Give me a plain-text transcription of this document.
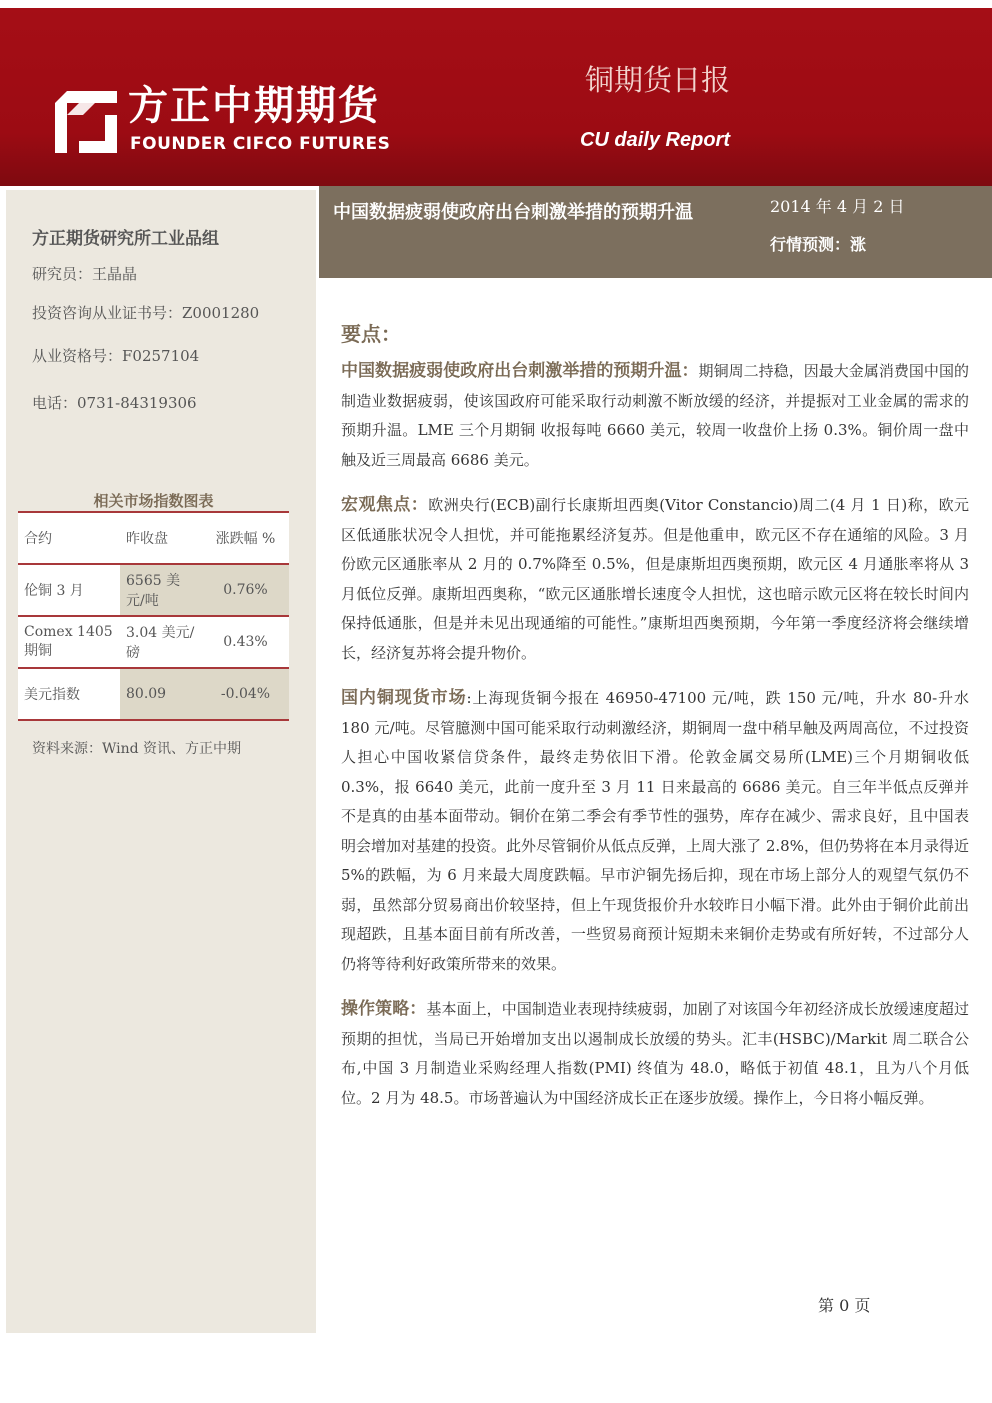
方正中期期货
FOUNDER CIFCO FUTURES
铜期货日报
CU daily Report
方正期货研究所工业品组
研究员：王晶晶
投资咨询从业证书号：Z0001280
从业资格号：F0257104
电话：0731-84319306
相关市场指数图表
合约	昨收盘	涨跌幅 %
伦铜 3 月	6565 美元/吨	0.76%
Comex 1405 期铜	3.04 美元/磅	0.43%
美元指数	80.09	-0.04%
资料来源：Wind 资讯、方正中期
中国数据疲弱使政府出台刺激举措的预期升温	2014 年 4 月 2 日
行情预测：涨
要点：

中国数据疲弱使政府出台刺激举措的预期升温：期铜周二持稳，因最大金属消费国中国的制造业数据疲弱，使该国政府可能采取行动刺激不断放缓的经济，并提振对工业金属的需求的预期升温。LME 三个月期铜 收报每吨 6660 美元，较周一收盘价上扬 0.3%。铜价周一盘中触及近三周最高 6686 美元。

宏观焦点：欧洲央行(ECB)副行长康斯坦西奥(Vitor Constancio)周二(4 月 1 日)称，欧元区低通胀状况令人担忧，并可能拖累经济复苏。但是他重申，欧元区不存在通缩的风险。3 月份欧元区通胀率从 2 月的 0.7%降至 0.5%，但是康斯坦西奥预期，欧元区 4 月通胀率将从 3 月低位反弹。康斯坦西奥称，“欧元区通胀增长速度令人担忧，这也暗示欧元区将在较长时间内保持低通胀，但是并未见出现通缩的可能性。”康斯坦西奥预期，今年第一季度经济将会继续增长，经济复苏将会提升物价。

国内铜现货市场:上海现货铜今报在 46950-47100 元/吨，跌 150 元/吨，升水 80-升水 180 元/吨。尽管臆测中国可能采取行动刺激经济，期铜周一盘中稍早触及两周高位，不过投资人担心中国收紧信贷条件，最终走势依旧下滑。伦敦金属交易所(LME)三个月期铜收低 0.3%，报 6640 美元，此前一度升至 3 月 11 日来最高的 6686 美元。自三年半低点反弹并不是真的由基本面带动。铜价在第二季会有季节性的强势，库存在减少、需求良好，且中国表明会增加对基建的投资。此外尽管铜价从低点反弹，上周大涨了 2.8%，但仍势将在本月录得近 5%的跌幅，为 6 月来最大周度跌幅。早市沪铜先扬后抑，现在市场上部分人的观望气氛仍不弱，虽然部分贸易商出价较坚持，但上午现货报价升水较昨日小幅下滑。此外由于铜价此前出现超跌，且基本面目前有所改善，一些贸易商预计短期未来铜价走势或有所好转，不过部分人仍将等待利好政策所带来的效果。

操作策略：基本面上，中国制造业表现持续疲弱，加剧了对该国今年初经济成长放缓速度超过预期的担忧，当局已开始增加支出以遏制成长放缓的势头。汇丰(HSBC)/Markit 周二联合公布,中国 3 月制造业采购经理人指数(PMI) 终值为 48.0，略低于初值 48.1，且为八个月低位。2 月为 48.5。市场普遍认为中国经济成长正在逐步放缓。操作上，今日将小幅反弹。

第 0 页
